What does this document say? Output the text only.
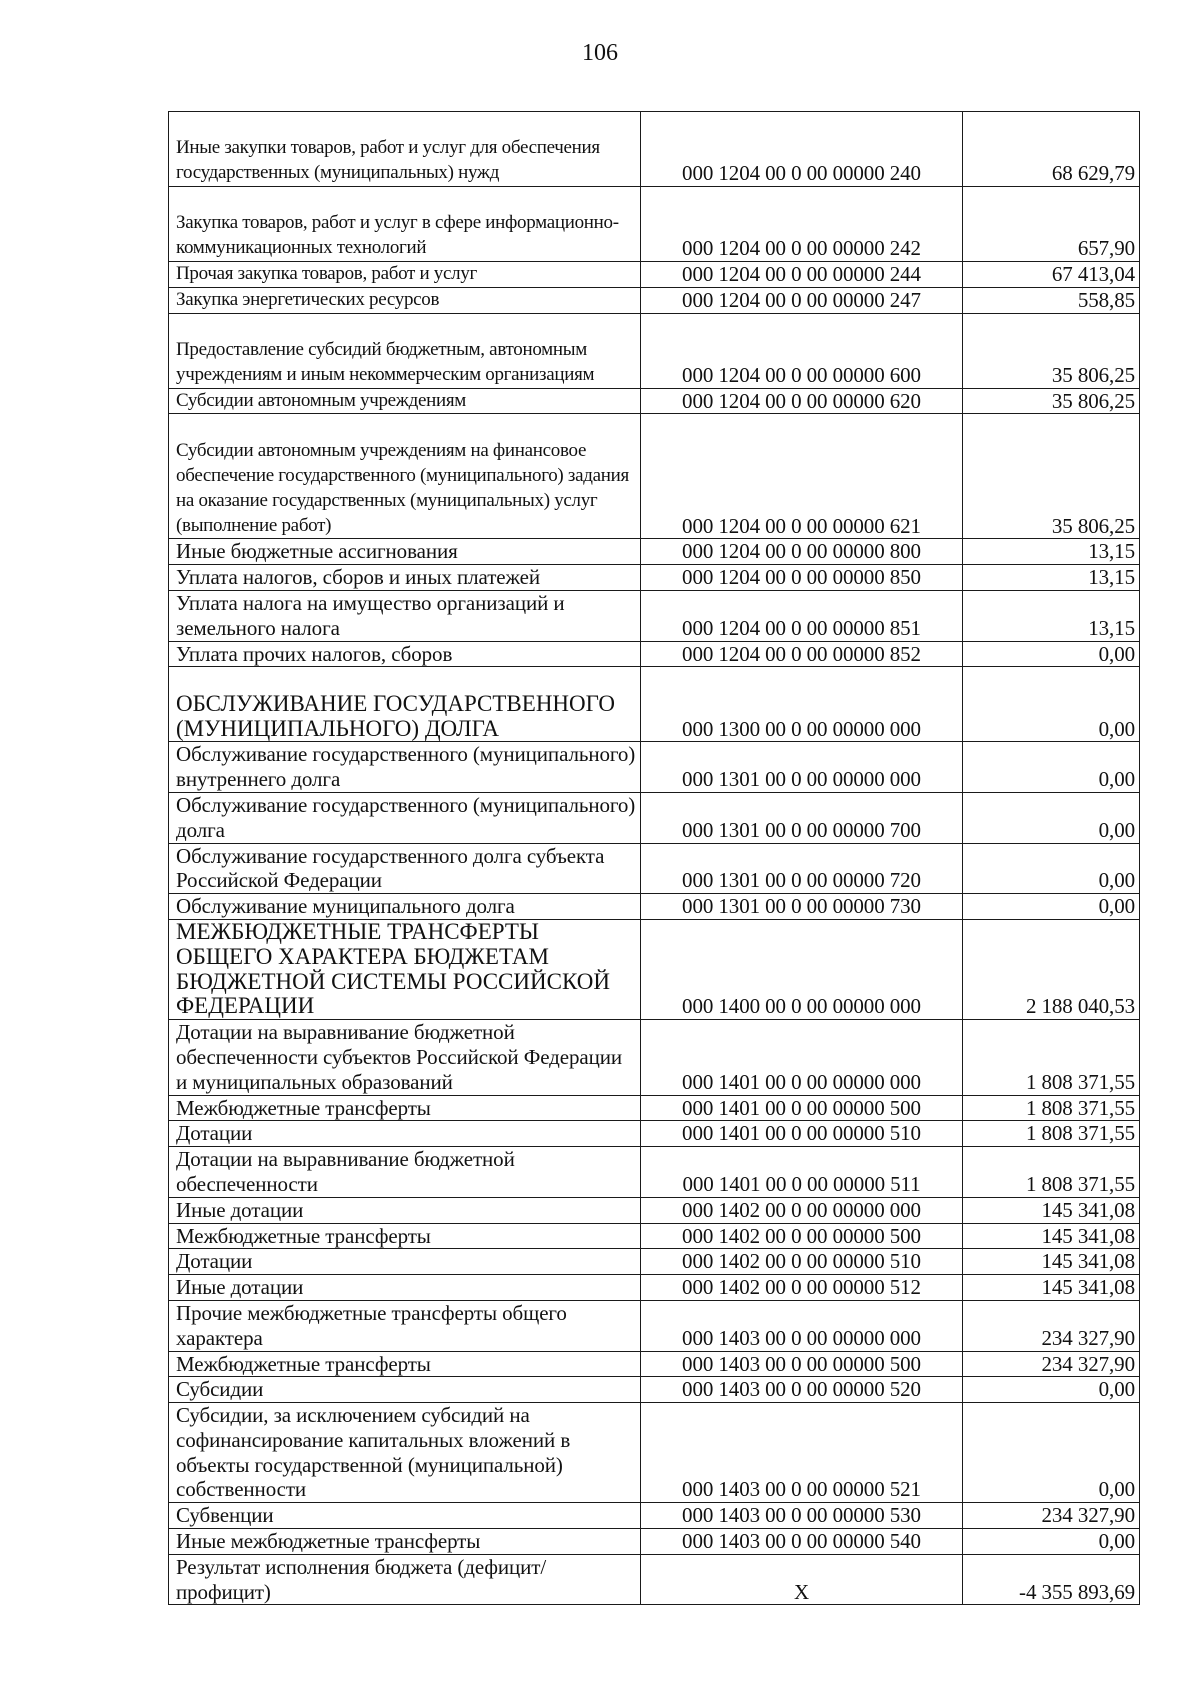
106
Иные закупки товаров, работ и услуг для обеспечения государственных (муниципальных) нужд	000 1204 00 0 00 00000 240	68 629,79
Закупка товаров, работ и услуг в сфере информационно-коммуникационных технологий	000 1204 00 0 00 00000 242	657,90
Прочая закупка товаров, работ и услуг	000 1204 00 0 00 00000 244	67 413,04
Закупка энергетических ресурсов	000 1204 00 0 00 00000 247	558,85
Предоставление субсидий бюджетным, автономным учреждениям и иным некоммерческим организациям	000 1204 00 0 00 00000 600	35 806,25
Субсидии автономным учреждениям	000 1204 00 0 00 00000 620	35 806,25
Субсидии автономным учреждениям на финансовое обеспечение государственного (муниципального) задания на оказание государственных (муниципальных) услуг (выполнение работ)	000 1204 00 0 00 00000 621	35 806,25
Иные бюджетные ассигнования	000 1204 00 0 00 00000 800	13,15
Уплата налогов, сборов и иных платежей	000 1204 00 0 00 00000 850	13,15
Уплата налога на имущество организаций и земельного налога	000 1204 00 0 00 00000 851	13,15
Уплата прочих налогов, сборов	000 1204 00 0 00 00000 852	0,00
ОБСЛУЖИВАНИЕ ГОСУДАРСТВЕННОГО (МУНИЦИПАЛЬНОГО) ДОЛГА	000 1300 00 0 00 00000 000	0,00
Обслуживание государственного (муниципального) внутреннего долга	000 1301 00 0 00 00000 000	0,00
Обслуживание государственного (муниципального) долга	000 1301 00 0 00 00000 700	0,00
Обслуживание государственного долга субъекта Российской Федерации	000 1301 00 0 00 00000 720	0,00
Обслуживание муниципального долга	000 1301 00 0 00 00000 730	0,00
МЕЖБЮДЖЕТНЫЕ ТРАНСФЕРТЫ ОБЩЕГО ХАРАКТЕРА БЮДЖЕТАМ БЮДЖЕТНОЙ СИСТЕМЫ РОССИЙСКОЙ ФЕДЕРАЦИИ	000 1400 00 0 00 00000 000	2 188 040,53
Дотации на выравнивание бюджетной обеспеченности субъектов Российской Федерации и муниципальных образований	000 1401 00 0 00 00000 000	1 808 371,55
Межбюджетные трансферты	000 1401 00 0 00 00000 500	1 808 371,55
Дотации	000 1401 00 0 00 00000 510	1 808 371,55
Дотации на выравнивание бюджетной обеспеченности	000 1401 00 0 00 00000 511	1 808 371,55
Иные дотации	000 1402 00 0 00 00000 000	145 341,08
Межбюджетные трансферты	000 1402 00 0 00 00000 500	145 341,08
Дотации	000 1402 00 0 00 00000 510	145 341,08
Иные дотации	000 1402 00 0 00 00000 512	145 341,08
Прочие межбюджетные трансферты общего характера	000 1403 00 0 00 00000 000	234 327,90
Межбюджетные трансферты	000 1403 00 0 00 00000 500	234 327,90
Субсидии	000 1403 00 0 00 00000 520	0,00
Субсидии, за исключением субсидий на софинансирование капитальных вложений в объекты государственной (муниципальной) собственности	000 1403 00 0 00 00000 521	0,00
Субвенции	000 1403 00 0 00 00000 530	234 327,90
Иные межбюджетные трансферты	000 1403 00 0 00 00000 540	0,00
Результат исполнения бюджета (дефицит/профицит)	X	-4 355 893,69
